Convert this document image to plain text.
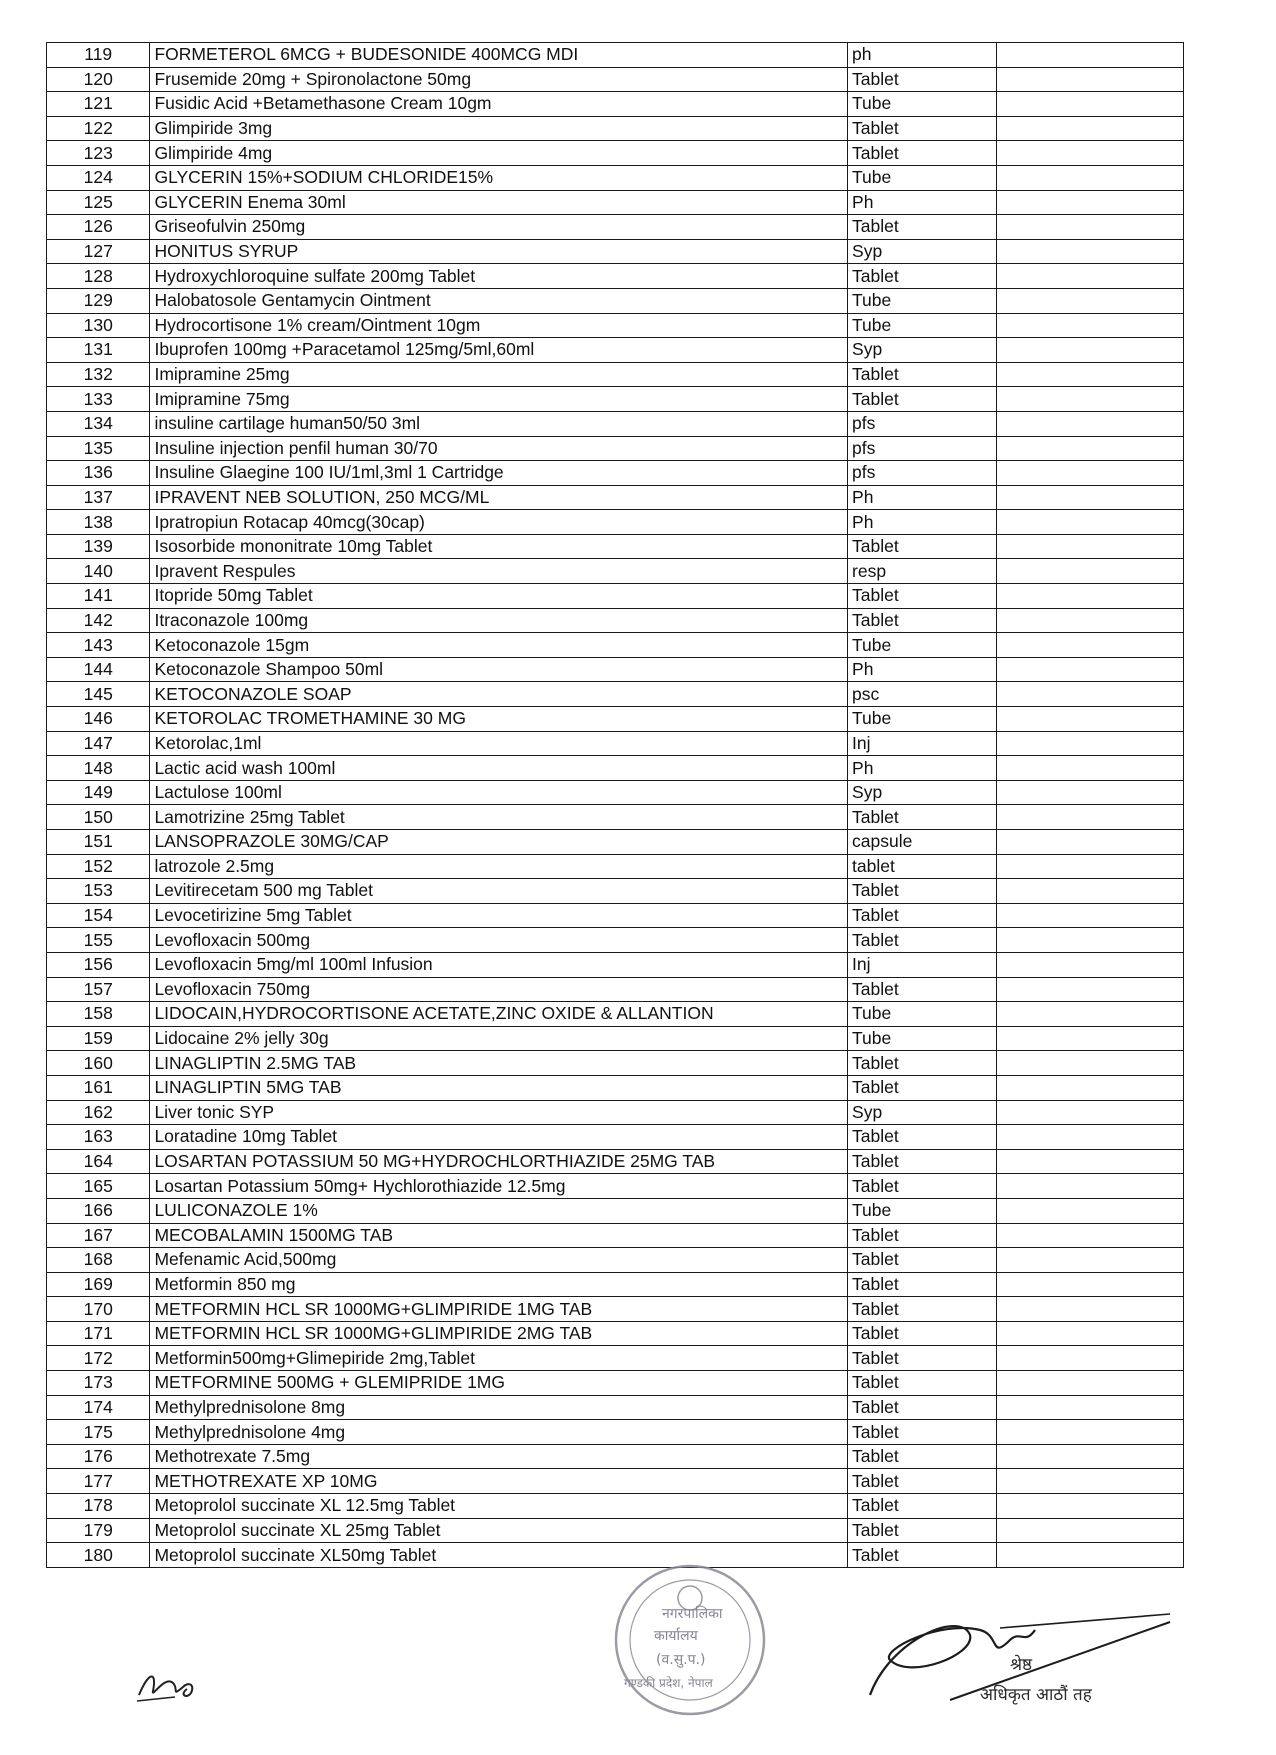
119	FORMETEROL 6MCG + BUDESONIDE 400MCG MDI	ph	
120	Frusemide 20mg + Spironolactone 50mg	Tablet	
121	Fusidic Acid +Betamethasone Cream 10gm	Tube	
122	Glimpiride 3mg	Tablet	
123	Glimpiride 4mg	Tablet	
124	GLYCERIN 15%+SODIUM CHLORIDE15%	Tube	
125	GLYCERIN Enema 30ml	Ph	
126	Griseofulvin 250mg	Tablet	
127	HONITUS SYRUP	Syp	
128	Hydroxychloroquine sulfate 200mg Tablet	Tablet	
129	Halobatosole Gentamycin Ointment	Tube	
130	Hydrocortisone 1% cream/Ointment 10gm	Tube	
131	Ibuprofen 100mg +Paracetamol 125mg/5ml,60ml	Syp	
132	Imipramine 25mg	Tablet	
133	Imipramine 75mg	Tablet	
134	insuline cartilage human50/50 3ml	pfs	
135	Insuline injection penfil human 30/70	pfs	
136	Insuline Glaegine 100 IU/1ml,3ml 1 Cartridge	pfs	
137	IPRAVENT NEB SOLUTION, 250 MCG/ML	Ph	
138	Ipratropiun Rotacap 40mcg(30cap)	Ph	
139	Isosorbide mononitrate 10mg Tablet	Tablet	
140	Ipravent Respules	resp	
141	Itopride 50mg Tablet	Tablet	
142	Itraconazole 100mg	Tablet	
143	Ketoconazole 15gm	Tube	
144	Ketoconazole Shampoo 50ml	Ph	
145	KETOCONAZOLE SOAP	psc	
146	KETOROLAC TROMETHAMINE 30 MG	Tube	
147	Ketorolac,1ml	Inj	
148	Lactic acid wash 100ml	Ph	
149	Lactulose 100ml	Syp	
150	Lamotrizine 25mg Tablet	Tablet	
151	LANSOPRAZOLE 30MG/CAP	capsule	
152	latrozole 2.5mg	tablet	
153	Levitirecetam 500 mg Tablet	Tablet	
154	Levocetirizine 5mg Tablet	Tablet	
155	Levofloxacin 500mg	Tablet	
156	Levofloxacin 5mg/ml 100ml Infusion	Inj	
157	Levofloxacin 750mg	Tablet	
158	LIDOCAIN,HYDROCORTISONE ACETATE,ZINC OXIDE & ALLANTION	Tube	
159	Lidocaine 2% jelly 30g	Tube	
160	LINAGLIPTIN 2.5MG TAB	Tablet	
161	LINAGLIPTIN 5MG TAB	Tablet	
162	Liver tonic SYP	Syp	
163	Loratadine 10mg Tablet	Tablet	
164	LOSARTAN POTASSIUM 50 MG+HYDROCHLORTHIAZIDE 25MG TAB	Tablet	
165	Losartan Potassium 50mg+ Hychlorothiazide 12.5mg	Tablet	
166	LULICONAZOLE 1%	Tube	
167	MECOBALAMIN 1500MG TAB	Tablet	
168	Mefenamic Acid,500mg	Tablet	
169	Metformin 850 mg	Tablet	
170	METFORMIN HCL SR 1000MG+GLIMPIRIDE 1MG TAB	Tablet	
171	METFORMIN HCL SR 1000MG+GLIMPIRIDE 2MG TAB	Tablet	
172	Metformin500mg+Glimepiride 2mg,Tablet	Tablet	
173	METFORMINE 500MG + GLEMIPRIDE 1MG	Tablet	
174	Methylprednisolone 8mg	Tablet	
175	Methylprednisolone 4mg	Tablet	
176	Methotrexate 7.5mg	Tablet	
177	METHOTREXATE XP 10MG	Tablet	
178	Metoprolol succinate XL 12.5mg Tablet	Tablet	
179	Metoprolol succinate XL 25mg Tablet	Tablet	
180	Metoprolol succinate XL50mg Tablet	Tablet	
नगरपालिका
कार्यालय
(व.सु.प.)
गण्डकी प्रदेश, नेपाल
श्रेष्ठ
अधिकृत आठौं तह
